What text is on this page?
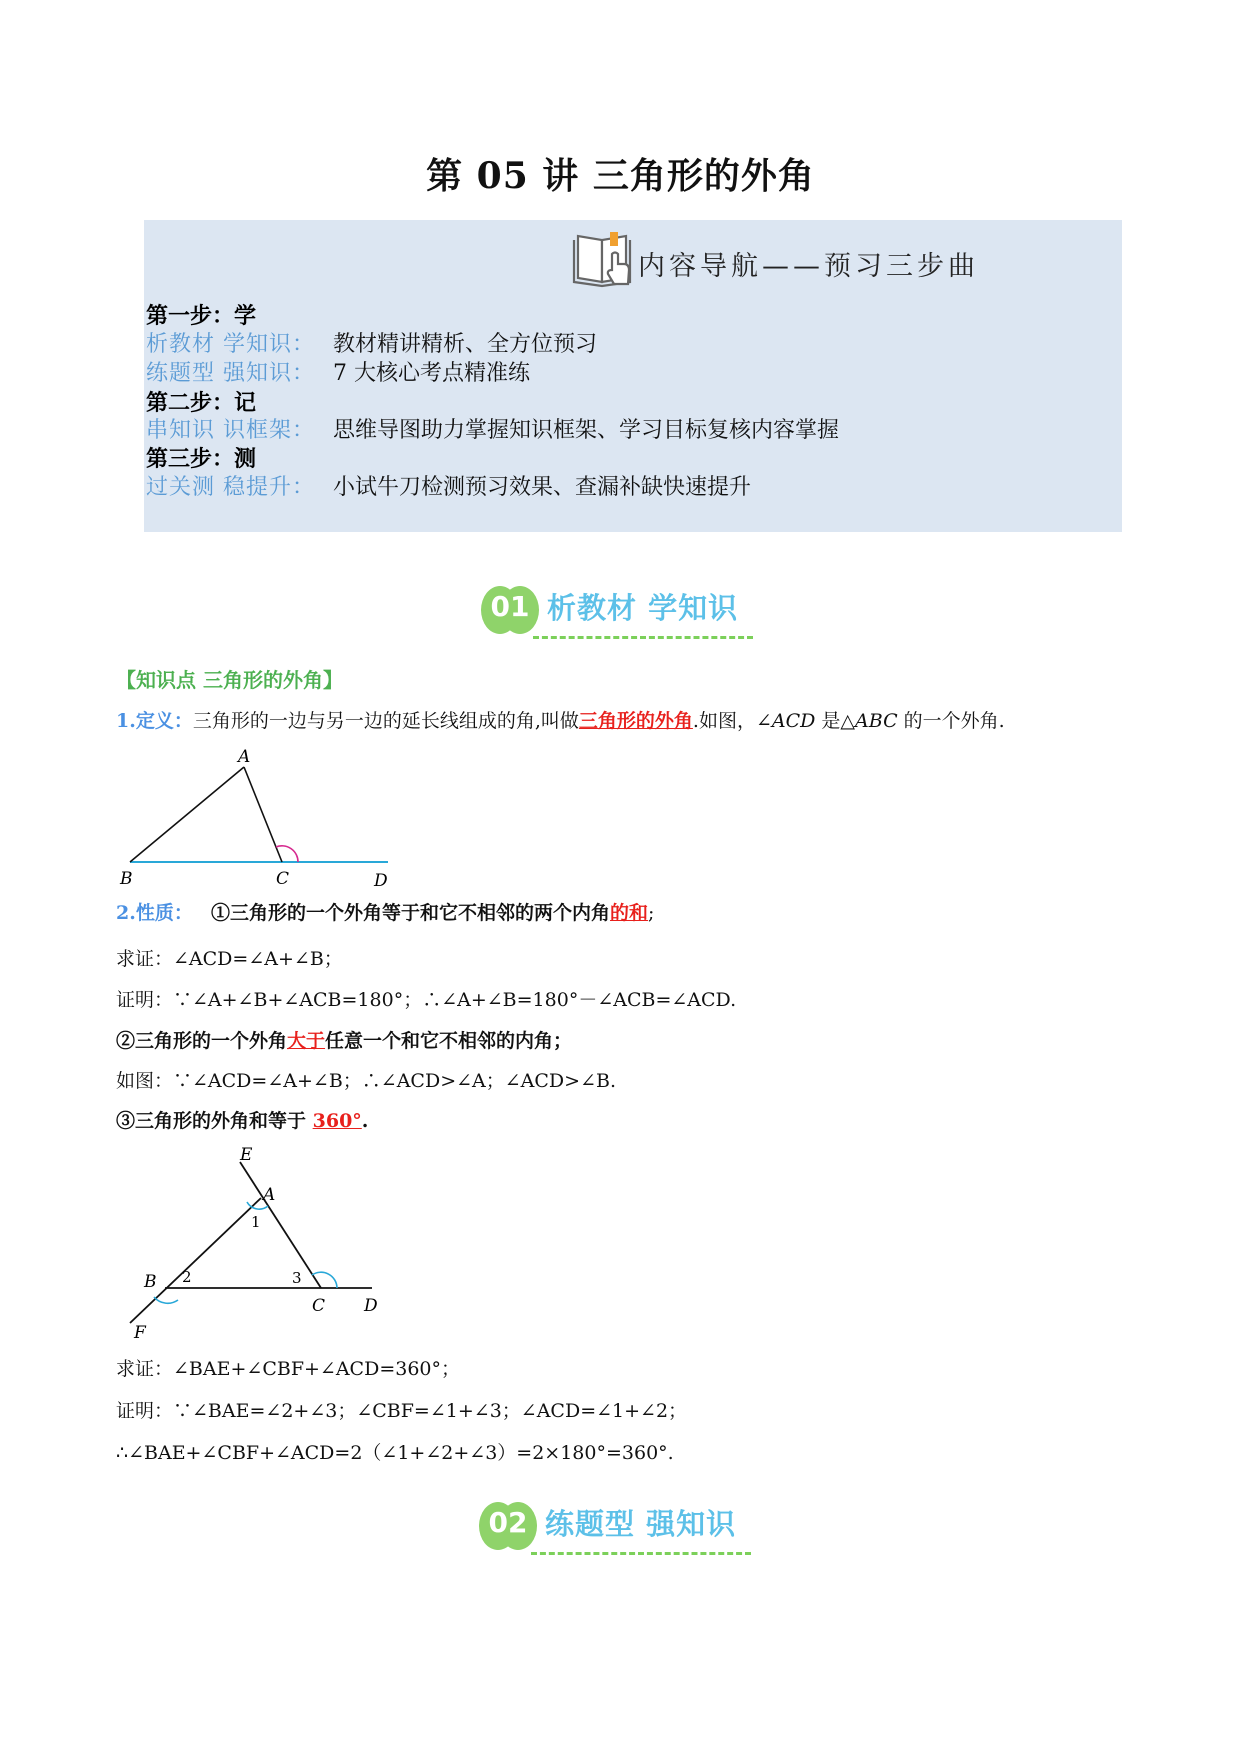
第 05 讲 三角形的外角
内容导航——预习三步曲
第一步：学
析教材 学知识： 教材精讲精析、全方位预习
练题型 强知识： 7 大核心考点精准练
第二步：记
串知识 识框架： 思维导图助力掌握知识框架、学习目标复核内容掌握
第三步：测
过关测 稳提升： 小试牛刀检测预习效果、查漏补缺快速提升
01 析教材 学知识
【知识点 三角形的外角】
1.定义：三角形的一边与另一边的延长线组成的角,叫做三角形的外角.如图，∠ACD 是△ABC 的一个外角.
A
B	C	D
2.性质： ①三角形的一个外角等于和它不相邻的两个内角的和;
求证：∠ACD=∠A+∠B；
证明：∵∠A+∠B+∠ACB=180°；∴∠A+∠B=180°－∠ACB=∠ACD.
②三角形的一个外角大于任意一个和它不相邻的内角；
如图：∵∠ACD=∠A+∠B；∴∠ACD>∠A；∠ACD>∠B.
③三角形的外角和等于 360°.
E
A
1
B 2	3
C D
F
求证：∠BAE+∠CBF+∠ACD=360°；
证明：∵∠BAE=∠2+∠3；∠CBF=∠1+∠3；∠ACD=∠1+∠2；
∴∠BAE+∠CBF+∠ACD=2（∠1+∠2+∠3）=2×180°=360°.
02 练题型 强知识
